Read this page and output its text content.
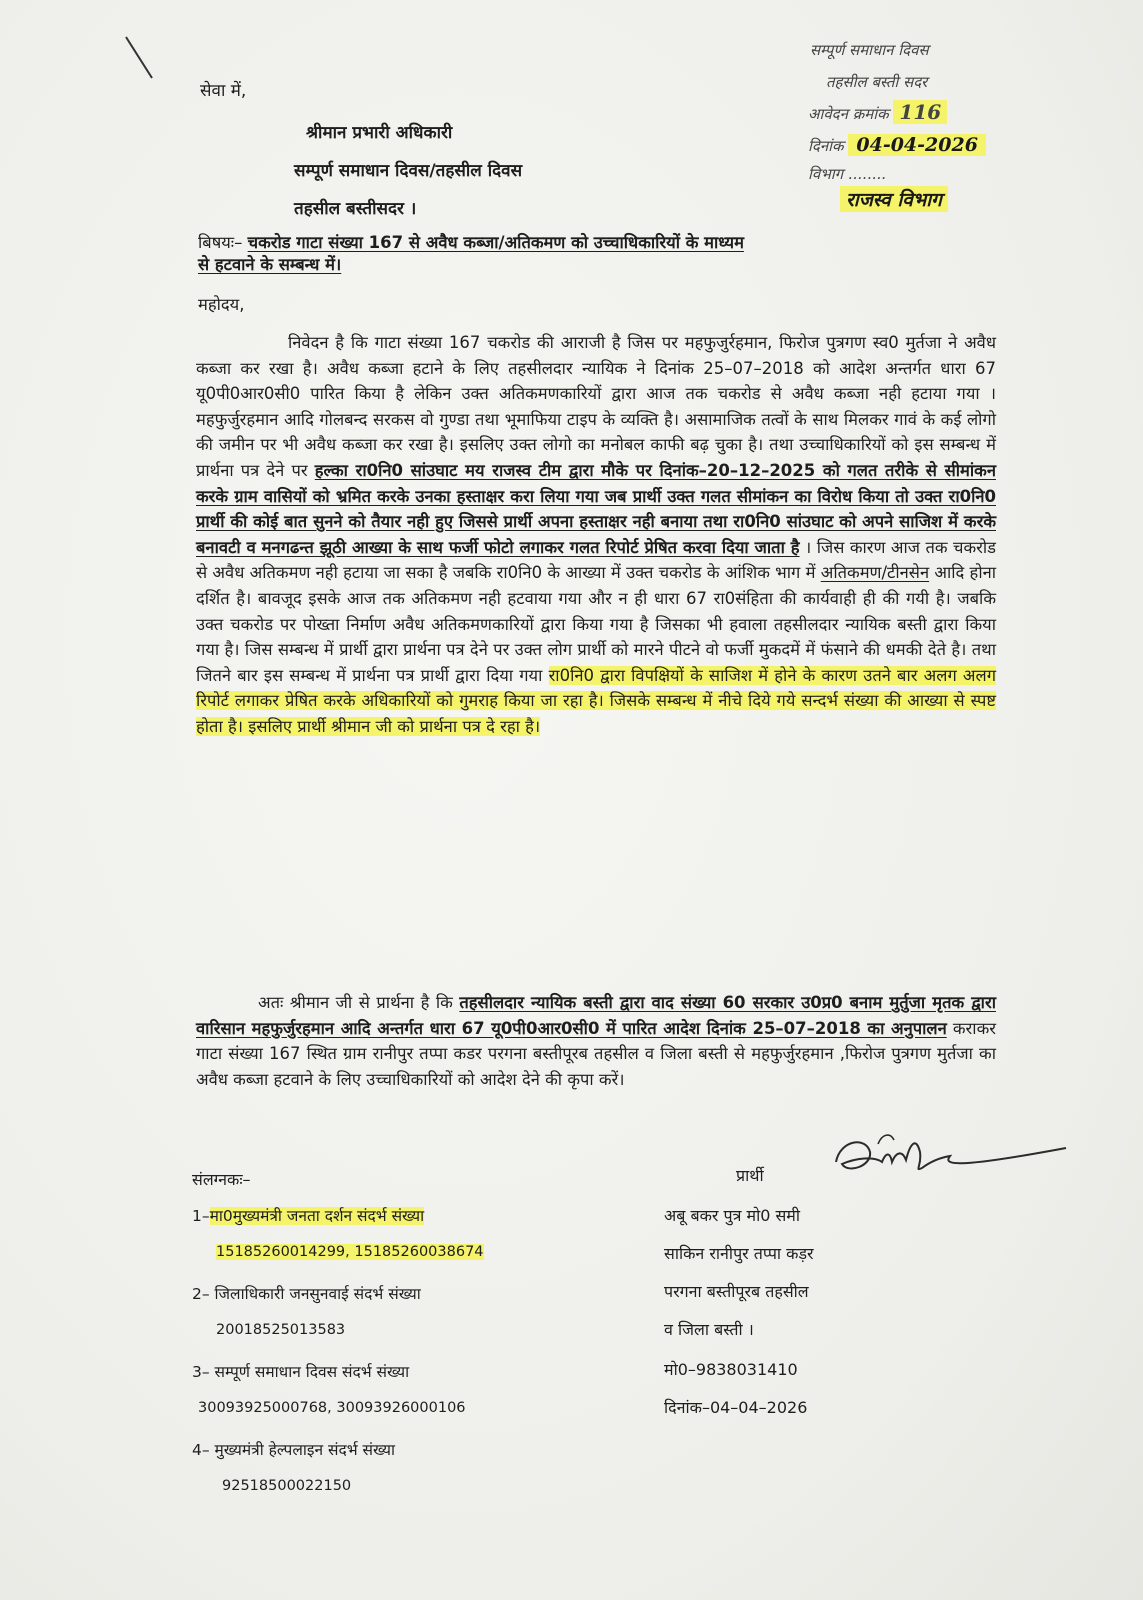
सम्पूर्ण समाधान दिवस
तहसील बस्ती सदर
आवेदन क्रमांक 116
दिनांक 04-04-2026
विभाग ........
राजस्व विभाग
सेवा में,
श्रीमान प्रभारी अधिकारी
सम्पूर्ण समाधान दिवस/तहसील दिवस
तहसील बस्तीसदर ।
बिषयः– चकरोड गाटा संख्या 167 से अवैध कब्जा/अतिकमण को उच्चाधिकारियों के माध्यम
से हटवाने के सम्बन्ध में।
महोदय,

निवेदन है कि गाटा संख्या 167 चकरोड की आराजी है जिस पर महफुजुर्रहमान, फिरोज पुत्रगण स्व0 मुर्तजा ने अवैध कब्जा कर रखा है। अवैध कब्जा हटाने के लिए तहसीलदार न्यायिक ने दिनांक 25–07–2018 को आदेश अन्तर्गत धारा 67 यू0पी0आर0सी0 पारित किया है लेकिन उक्त अतिकमणकारियों द्वारा आज तक चकरोड से अवैध कब्जा नही हटाया गया । महफुर्जुरहमान आदि गोलबन्द सरकस वो गुण्डा तथा भूमाफिया टाइप के व्यक्ति है। असामाजिक तत्वों के साथ मिलकर गावं के कई लोगो की जमीन पर भी अवैध कब्जा कर रखा है। इसलिए उक्त लोगो का मनोबल काफी बढ़ चुका है। तथा उच्चाधिकारियों को इस सम्बन्ध में प्रार्थना पत्र देने पर हल्का रा0नि0 सांउघाट मय राजस्व टीम द्वारा मौके पर दिनांक–20–12–2025 को गलत तरीके से सीमांकन करके ग्राम वासियों को भ्रमित करके उनका हस्ताक्षर करा लिया गया जब प्रार्थी उक्त गलत सीमांकन का विरोध किया तो उक्त रा0नि0 प्रार्थी की कोई बात सुनने को तैयार नही हुए जिससे प्रार्थी अपना हस्ताक्षर नही बनाया तथा रा0नि0 सांउघाट को अपने साजिश में करके बनावटी व मनगढन्त झूठी आख्या के साथ फर्जी फोटो लगाकर गलत रिपोर्ट प्रेषित करवा दिया जाता है । जिस कारण आज तक चकरोड से अवैध अतिकमण नही हटाया जा सका है जबकि रा0नि0 के आख्या में उक्त चकरोड के आंशिक भाग में अतिकमण/टीनसेन आदि होना दर्शित है। बावजूद इसके आज तक अतिकमण नही हटवाया गया और न ही धारा 67 रा0संहिता की कार्यवाही ही की गयी है। जबकि उक्त चकरोड पर पोख्ता निर्माण अवैध अतिकमणकारियों द्वारा किया गया है जिसका भी हवाला तहसीलदार न्यायिक बस्ती द्वारा किया गया है। जिस सम्बन्ध में प्रार्थी द्वारा प्रार्थना पत्र देने पर उक्त लोग प्रार्थी को मारने पीटने वो फर्जी मुकदमें में फंसाने की धमकी देते है। तथा जितने बार इस सम्बन्ध में प्रार्थना पत्र प्रार्थी द्वारा दिया गया रा0नि0 द्वारा विपक्षियों के साजिश में होने के कारण उतने बार अलग अलग रिपोर्ट लगाकर प्रेषित करके अधिकारियों को गुमराह किया जा रहा है। जिसके सम्बन्ध में नीचे दिये गये सन्दर्भ संख्या की आख्या से स्पष्ट होता है। इसलिए प्रार्थी श्रीमान जी को प्रार्थना पत्र दे रहा है।

अतः श्रीमान जी से प्रार्थना है कि तहसीलदार न्यायिक बस्ती द्वारा वाद संख्या 60 सरकार उ0प्र0 बनाम मुर्तुजा मृतक द्वारा वारिसान महफुर्जुरहमान आदि अन्तर्गत धारा 67 यू0पी0आर0सी0 में पारित आदेश दिनांक 25–07–2018 का अनुपालन कराकर गाटा संख्या 167 स्थित ग्राम रानीपुर तप्पा कडर परगना बस्तीपूरब तहसील व जिला बस्ती से महफुर्जुरहमान ,फिरोज पुत्रगण मुर्तजा का अवैध कब्जा हटवाने के लिए उच्चाधिकारियों को आदेश देने की कृपा करें।

संलग्नकः–
1–मा0मुख्यमंत्री जनता दर्शन संदर्भ संख्या
15185260014299, 15185260038674
2– जिलाधिकारी जनसुनवाई संदर्भ संख्या
20018525013583
3– सम्पूर्ण समाधान दिवस संदर्भ संख्या
30093925000768, 30093926000106
4– मुख्यमंत्री हेल्पलाइन संदर्भ संख्या
92518500022150
प्रार्थी
अबू बकर पुत्र मो0 समी
साकिन रानीपुर तप्पा कड़र
परगना बस्तीपूरब तहसील
व जिला बस्ती ।
मो0–9838031410
दिनांक–04–04–2026
